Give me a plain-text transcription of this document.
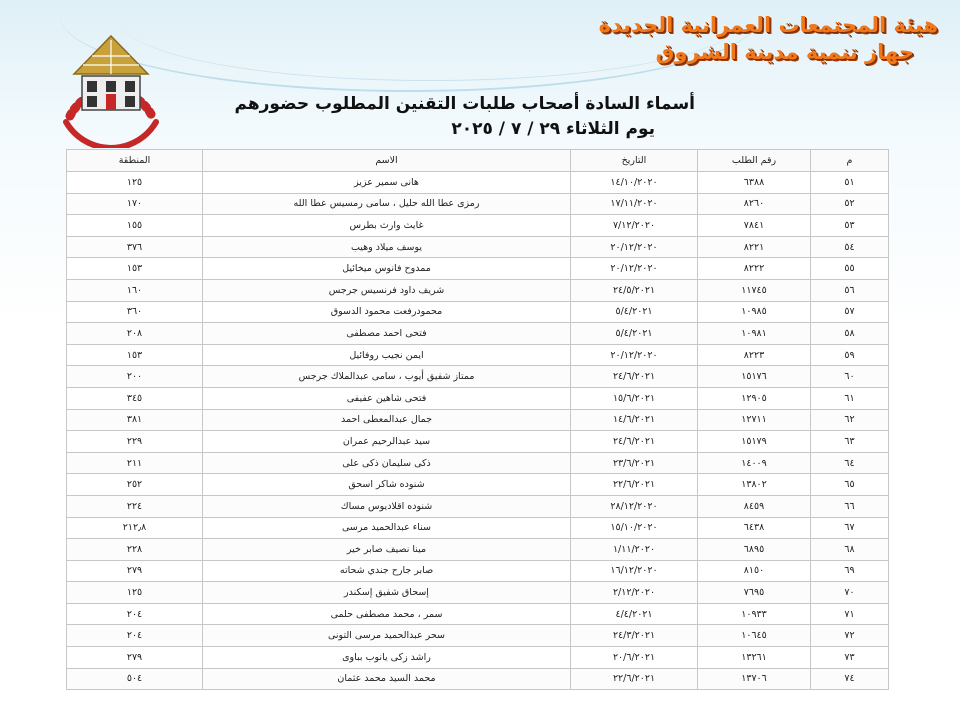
هيئة المجتمعات العمرانية الجديدة
جهاز تنمية مدينة الشروق
أسماء السادة أصحاب طلبات التقنين المطلوب حضورهم
يوم الثلاثاء ٢٩ / ٧ / ٢٠٢٥
م	رقم الطلب	التاريخ	الاسم	المنطقة
٥١	٦٣٨٨	١٤/١٠/٢٠٢٠	هانى سمير عزيز	١٢٥
٥٢	٨٢٦٠	١٧/١١/٢٠٢٠	رمزى عطا الله حليل ، سامى رمسيس عطا الله	١٧٠
٥٣	٧٨٤١	٧/١٢/٢٠٢٠	غايث وارث بطرس	١٥٥
٥٤	٨٢٢١	٢٠/١٢/٢٠٢٠	يوسف ميلاد وهيب	٣٧٦
٥٥	٨٢٢٢	٢٠/١٢/٢٠٢٠	ممدوح فانوس ميخائيل	١٥٣
٥٦	١١٧٤٥	٢٤/٥/٢٠٢١	شريف داود فرنسيس جرجس	١٦٠
٥٧	١٠٩٨٥	٥/٤/٢٠٢١	محمودرفعت محمود الدسوق	٣٦٠
٥٨	١٠٩٨١	٥/٤/٢٠٢١	فتحى احمد مصطفى	٢٠٨
٥٩	٨٢٢٣	٢٠/١٢/٢٠٢٠	ايمن نجيب روفائيل	١٥٣
٦٠	١٥١٧٦	٢٤/٦/٢٠٢١	ممتاز شفيق أيوب ، سامى عبدالملاك جرجس	٢٠٠
٦١	١٢٩٠٥	١٥/٦/٢٠٢١	فتحى شاهين عفيفى	٣٤٥
٦٢	١٢٧١١	١٤/٦/٢٠٢١	جمال عبدالمعطى احمد	٣٨١
٦٣	١٥١٧٩	٢٤/٦/٢٠٢١	سيد عبدالرحيم عمران	٢٢٩
٦٤	١٤٠٠٩	٢٣/٦/٢٠٢١	ذكى سليمان ذكى على	٢١١
٦٥	١٣٨٠٢	٢٢/٦/٢٠٢١	شنوده شاكر اسحق	٢٥٢
٦٦	٨٤٥٩	٢٨/١٢/٢٠٢٠	شنوده اقلاديوس مساك	٢٢٤
٦٧	٦٤٣٨	١٥/١٠/٢٠٢٠	سناء عبدالحميد مرسى	٢١٢٫٨
٦٨	٦٨٩٥	١/١١/٢٠٢٠	مينا نصيف صابر خير	٢٢٨
٦٩	٨١٥٠	١٦/١٢/٢٠٢٠	صابر جارح جندي شحاته	٢٧٩
٧٠	٧٦٩٥	٢/١٢/٢٠٢٠	إسحاق شفيق إسكندر	١٢٥
٧١	١٠٩٣٣	٤/٤/٢٠٢١	سمر ، محمد مصطفى حلمى	٢٠٤
٧٢	١٠٦٤٥	٢٤/٣/٢٠٢١	سحر عبدالحميد مرسى التونى	٢٠٤
٧٣	١٣٢٦١	٢٠/٦/٢٠٢١	راشد زكى يانوب بباوى	٢٧٩
٧٤	١٣٧٠٦	٢٢/٦/٢٠٢١	محمد السيد محمد عثمان	٥٠٤
